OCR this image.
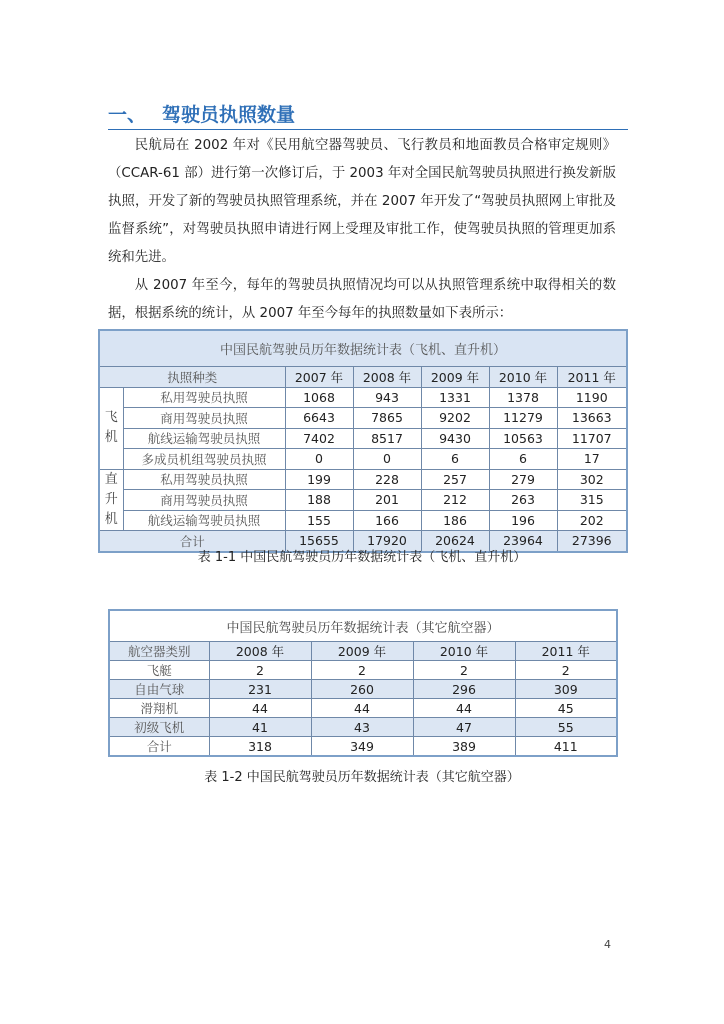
一、 驾驶员执照数量

民航局在 2002 年对《民用航空器驾驶员、飞行教员和地面教员合格审定规则》（CCAR-61 部）进行第一次修订后，于 2003 年对全国民航驾驶员执照进行换发新版执照，开发了新的驾驶员执照管理系统，并在 2007 年开发了“驾驶员执照网上审批及监督系统”，对驾驶员执照申请进行网上受理及审批工作，使驾驶员执照的管理更加系统和先进。

从 2007 年至今，每年的驾驶员执照情况均可以从执照管理系统中取得相关的数据，根据系统的统计，从 2007 年至今每年的执照数量如下表所示：

中国民航驾驶员历年数据统计表（飞机、直升机）						
执照种类		2007 年	2008 年	2009 年	2010 年	2011 年
飞机	私用驾驶员执照	1068	943	1331	1378	1190
	商用驾驶员执照	6643	7865	9202	11279	13663
	航线运输驾驶员执照	7402	8517	9430	10563	11707
	多成员机组驾驶员执照	0	0	6	6	17
直升机	私用驾驶员执照	199	228	257	279	302
	商用驾驶员执照	188	201	212	263	315
	航线运输驾驶员执照	155	166	186	196	202
合计		15655	17920	20624	23964	27396
表 1-1 中国民航驾驶员历年数据统计表（飞机、直升机）
中国民航驾驶员历年数据统计表（其它航空器）				
航空器类别	2008 年	2009 年	2010 年	2011 年
飞艇	2	2	2	2
自由气球	231	260	296	309
滑翔机	44	44	44	45
初级飞机	41	43	47	55
合计	318	349	389	411
表 1-2 中国民航驾驶员历年数据统计表（其它航空器）
4
